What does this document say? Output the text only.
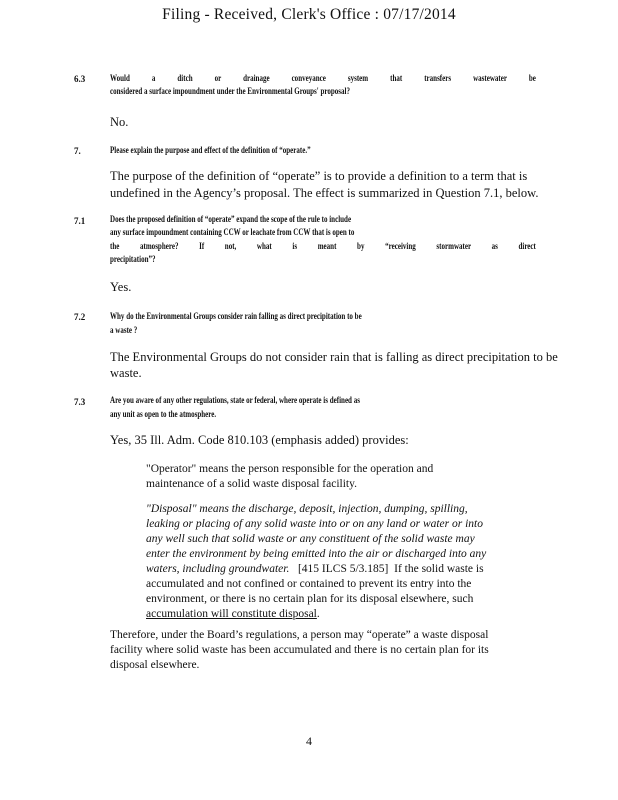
Filing - Received, Clerk's Office : 07/17/2014
6.3	Would a ditch or drainage conveyance system that transfers wastewater be
considered a surface impoundment under the Environmental Groups' proposal?
No.
7.	Please explain the purpose and effect of the definition of “operate.”
The purpose of the definition of “operate” is to provide a definition to a term that is
undefined in the Agency’s proposal. The effect is summarized in Question 7.1, below.
7.1	Does the proposed definition of “operate” expand the scope of the rule to include
any surface impoundment containing CCW or leachate from CCW that is open to
the atmosphere? If not, what is meant by “receiving stormwater as direct
precipitation”?
Yes.
7.2	Why do the Environmental Groups consider rain falling as direct precipitation to be
a waste ?
The Environmental Groups do not consider rain that is falling as direct precipitation to be
waste.
7.3	Are you aware of any other regulations, state or federal, where operate is defined as
any unit as open to the atmosphere.
Yes, 35 Ill. Adm. Code 810.103 (emphasis added) provides:
"Operator" means the person responsible for the operation and
maintenance of a solid waste disposal facility.
"Disposal" means the discharge, deposit, injection, dumping, spilling,
leaking or placing of any solid waste into or on any land or water or into
any well such that solid waste or any constituent of the solid waste may
enter the environment by being emitted into the air or discharged into any
waters, including groundwater.   [415 ILCS 5/3.185]  If the solid waste is
accumulated and not confined or contained to prevent its entry into the
environment, or there is no certain plan for its disposal elsewhere, such
accumulation will constitute disposal.
Therefore, under the Board’s regulations, a person may “operate” a waste disposal
facility where solid waste has been accumulated and there is no certain plan for its
disposal elsewhere.
4
